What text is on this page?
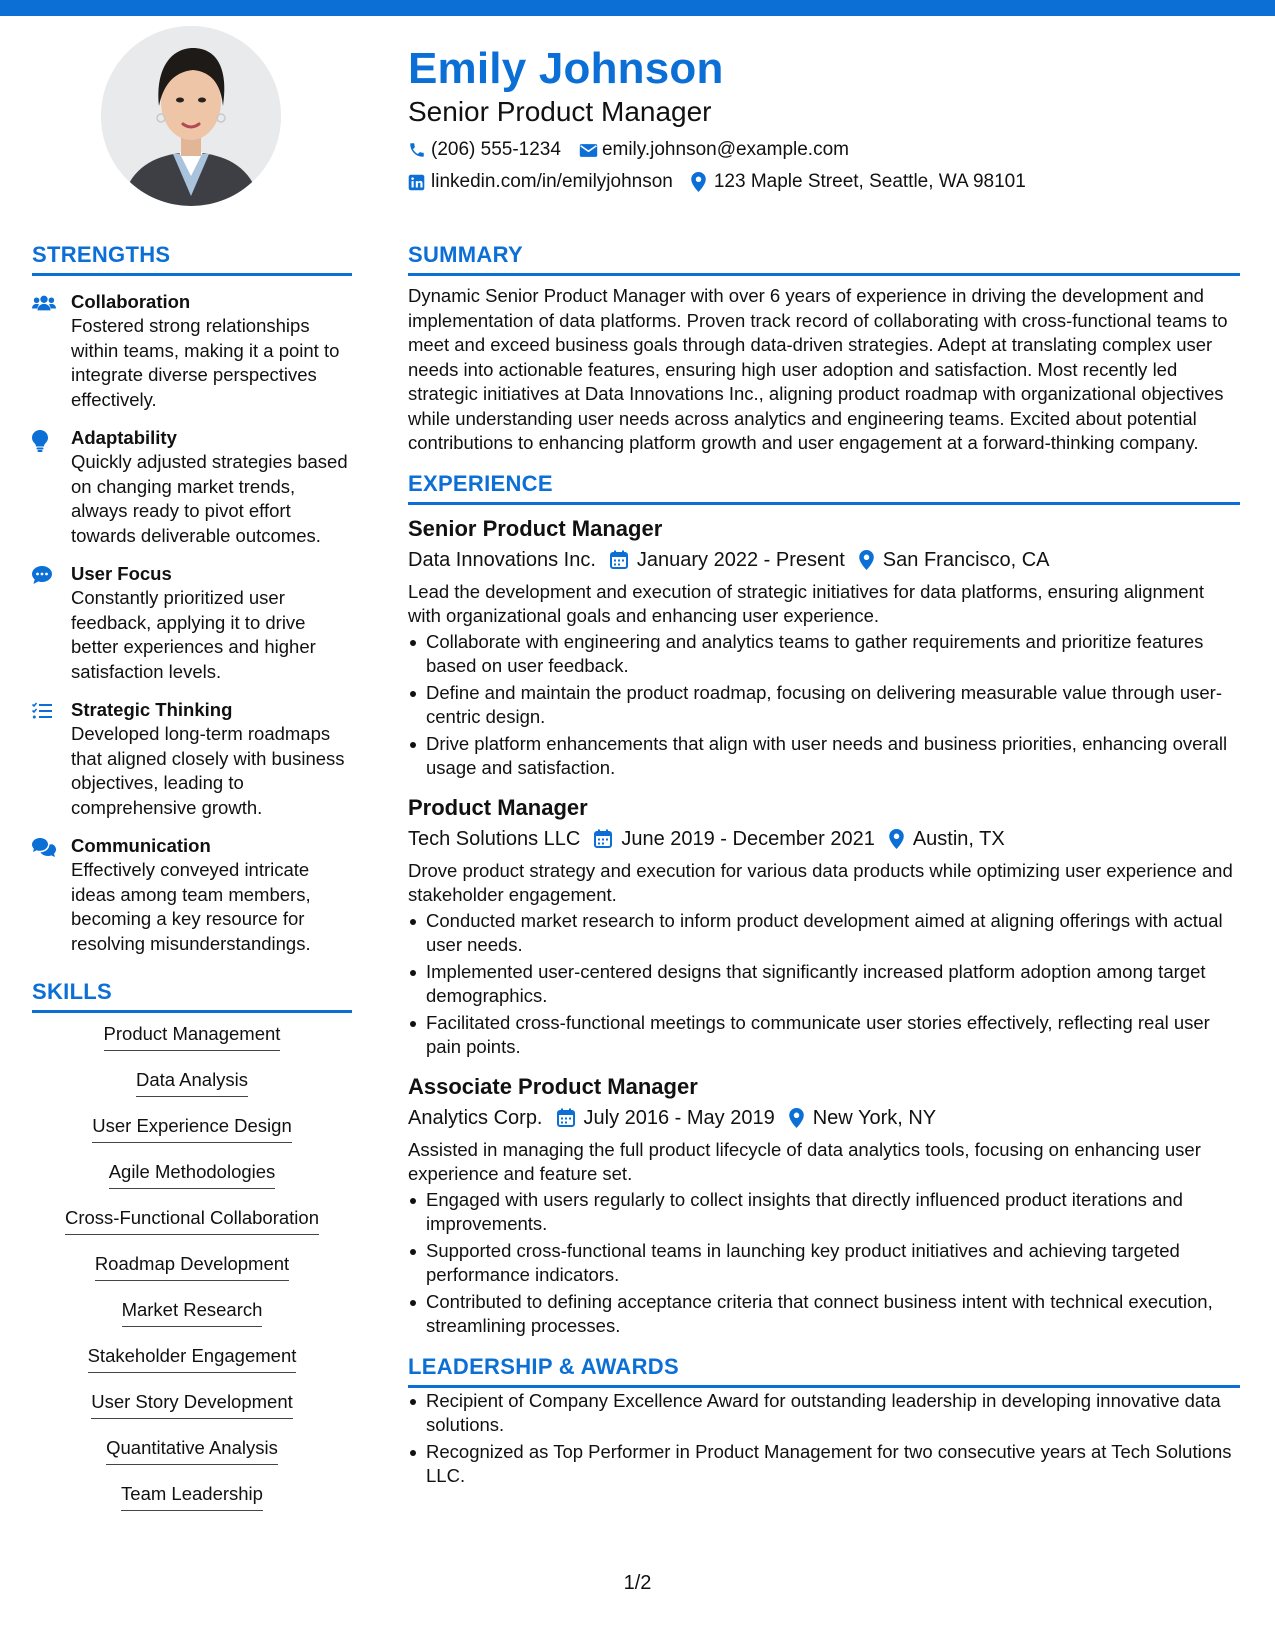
Emily Johnson
Senior Product Manager
(206) 555-1234 emily.johnson@example.com
linkedin.com/in/emilyjohnson 123 Maple Street, Seattle, WA 98101
STRENGTHS
Collaboration
Fostered strong relationships within teams, making it a point to integrate diverse perspectives effectively.
Adaptability
Quickly adjusted strategies based on changing market trends, always ready to pivot effort towards deliverable outcomes.
User Focus
Constantly prioritized user feedback, applying it to drive better experiences and higher satisfaction levels.
Strategic Thinking
Developed long-term roadmaps that aligned closely with business objectives, leading to comprehensive growth.
Communication
Effectively conveyed intricate ideas among team members, becoming a key resource for resolving misunderstandings.
SKILLS
Product Management
Data Analysis
User Experience Design
Agile Methodologies
Cross-Functional Collaboration
Roadmap Development
Market Research
Stakeholder Engagement
User Story Development
Quantitative Analysis
Team Leadership
SUMMARY
Dynamic Senior Product Manager with over 6 years of experience in driving the development and implementation of data platforms. Proven track record of collaborating with cross-functional teams to meet and exceed business goals through data-driven strategies. Adept at translating complex user needs into actionable features, ensuring high user adoption and satisfaction. Most recently led strategic initiatives at Data Innovations Inc., aligning product roadmap with organizational objectives while understanding user needs across analytics and engineering teams. Excited about potential contributions to enhancing platform growth and user engagement at a forward-thinking company.
EXPERIENCE
Senior Product Manager
Data Innovations Inc. January 2022 - Present San Francisco, CA
Lead the development and execution of strategic initiatives for data platforms, ensuring alignment with organizational goals and enhancing user experience.
Collaborate with engineering and analytics teams to gather requirements and prioritize features based on user feedback.
Define and maintain the product roadmap, focusing on delivering measurable value through user-centric design.
Drive platform enhancements that align with user needs and business priorities, enhancing overall usage and satisfaction.
Product Manager
Tech Solutions LLC June 2019 - December 2021 Austin, TX
Drove product strategy and execution for various data products while optimizing user experience and stakeholder engagement.
Conducted market research to inform product development aimed at aligning offerings with actual user needs.
Implemented user-centered designs that significantly increased platform adoption among target demographics.
Facilitated cross-functional meetings to communicate user stories effectively, reflecting real user pain points.
Associate Product Manager
Analytics Corp. July 2016 - May 2019 New York, NY
Assisted in managing the full product lifecycle of data analytics tools, focusing on enhancing user experience and feature set.
Engaged with users regularly to collect insights that directly influenced product iterations and improvements.
Supported cross-functional teams in launching key product initiatives and achieving targeted performance indicators.
Contributed to defining acceptance criteria that connect business intent with technical execution, streamlining processes.
LEADERSHIP & AWARDS
Recipient of Company Excellence Award for outstanding leadership in developing innovative data solutions.
Recognized as Top Performer in Product Management for two consecutive years at Tech Solutions LLC.
1/2
